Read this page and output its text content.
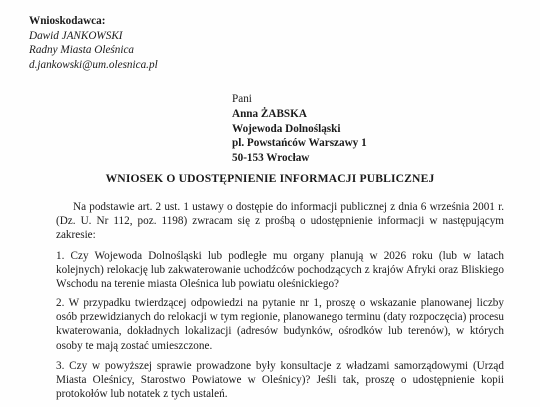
Wnioskodawca:
Dawid JANKOWSKI
Radny Miasta Oleśnica
d.jankowski@um.olesnica.pl
Pani
Anna ŻABSKA
Wojewoda Dolnośląski
pl. Powstańców Warszawy 1
50-153 Wrocław
WNIOSEK O UDOSTĘPNIENIE INFORMACJI PUBLICZNEJ
Na podstawie art. 2 ust. 1 ustawy o dostępie do informacji publicznej z dnia 6 września 2001 r. (Dz. U. Nr 112, poz. 1198) zwracam się z prośbą o udostępnienie informacji w następującym zakresie:
1. Czy Wojewoda Dolnośląski lub podległe mu organy planują w 2026 roku (lub w latach kolejnych) relokację lub zakwaterowanie uchodźców pochodzących z krajów Afryki oraz Bliskiego Wschodu na terenie miasta Oleśnica lub powiatu oleśnickiego?
2. W przypadku twierdzącej odpowiedzi na pytanie nr 1, proszę o wskazanie planowanej liczby osób przewidzianych do relokacji w tym regionie, planowanego terminu (daty rozpoczęcia) procesu kwaterowania, dokładnych lokalizacji (adresów budynków, ośrodków lub terenów), w których osoby te mają zostać umieszczone.
3. Czy w powyższej sprawie prowadzone były konsultacje z władzami samorządowymi (Urząd Miasta Oleśnicy, Starostwo Powiatowe w Oleśnicy)? Jeśli tak, proszę o udostępnienie kopii protokołów lub notatek z tych ustaleń.
